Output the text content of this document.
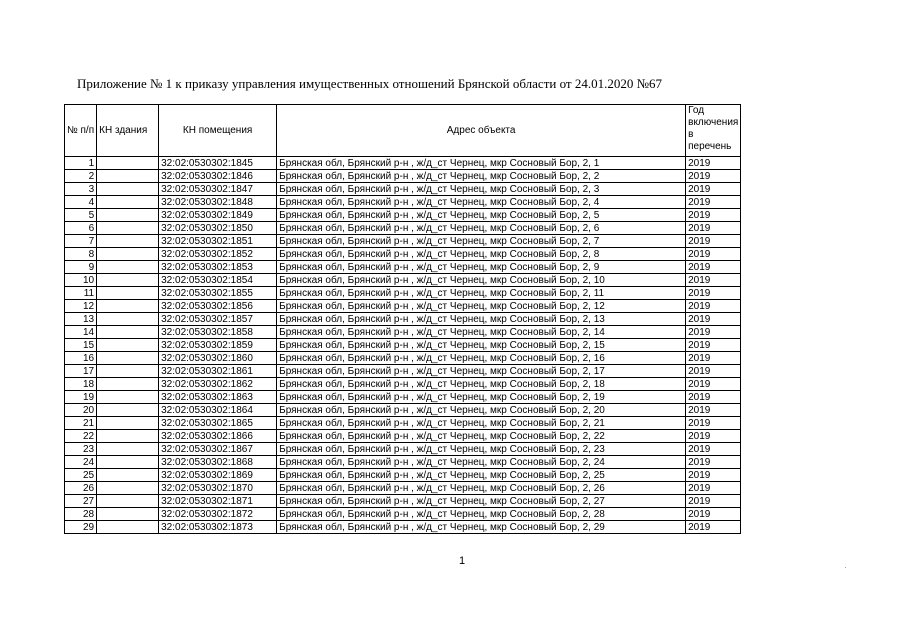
Приложение № 1 к приказу управления имущественных отношений Брянской области от 24.01.2020 №67
№ п/п	КН здания	КН помещения	Адрес объекта	Год включения в перечень
1		32:02:0530302:1845	Брянская обл, Брянский р-н , ж/д_ст Чернец, мкр Сосновый Бор, 2, 1	2019
2		32:02:0530302:1846	Брянская обл, Брянский р-н , ж/д_ст Чернец, мкр Сосновый Бор, 2, 2	2019
3		32:02:0530302:1847	Брянская обл, Брянский р-н , ж/д_ст Чернец, мкр Сосновый Бор, 2, 3	2019
4		32:02:0530302:1848	Брянская обл, Брянский р-н , ж/д_ст Чернец, мкр Сосновый Бор, 2, 4	2019
5		32:02:0530302:1849	Брянская обл, Брянский р-н , ж/д_ст Чернец, мкр Сосновый Бор, 2, 5	2019
6		32:02:0530302:1850	Брянская обл, Брянский р-н , ж/д_ст Чернец, мкр Сосновый Бор, 2, 6	2019
7		32:02:0530302:1851	Брянская обл, Брянский р-н , ж/д_ст Чернец, мкр Сосновый Бор, 2, 7	2019
8		32:02:0530302:1852	Брянская обл, Брянский р-н , ж/д_ст Чернец, мкр Сосновый Бор, 2, 8	2019
9		32:02:0530302:1853	Брянская обл, Брянский р-н , ж/д_ст Чернец, мкр Сосновый Бор, 2, 9	2019
10		32:02:0530302:1854	Брянская обл, Брянский р-н , ж/д_ст Чернец, мкр Сосновый Бор, 2, 10	2019
11		32:02:0530302:1855	Брянская обл, Брянский р-н , ж/д_ст Чернец, мкр Сосновый Бор, 2, 11	2019
12		32:02:0530302:1856	Брянская обл, Брянский р-н , ж/д_ст Чернец, мкр Сосновый Бор, 2, 12	2019
13		32:02:0530302:1857	Брянская обл, Брянский р-н , ж/д_ст Чернец, мкр Сосновый Бор, 2, 13	2019
14		32:02:0530302:1858	Брянская обл, Брянский р-н , ж/д_ст Чернец, мкр Сосновый Бор, 2, 14	2019
15		32:02:0530302:1859	Брянская обл, Брянский р-н , ж/д_ст Чернец, мкр Сосновый Бор, 2, 15	2019
16		32:02:0530302:1860	Брянская обл, Брянский р-н , ж/д_ст Чернец, мкр Сосновый Бор, 2, 16	2019
17		32:02:0530302:1861	Брянская обл, Брянский р-н , ж/д_ст Чернец, мкр Сосновый Бор, 2, 17	2019
18		32:02:0530302:1862	Брянская обл, Брянский р-н , ж/д_ст Чернец, мкр Сосновый Бор, 2, 18	2019
19		32:02:0530302:1863	Брянская обл, Брянский р-н , ж/д_ст Чернец, мкр Сосновый Бор, 2, 19	2019
20		32:02:0530302:1864	Брянская обл, Брянский р-н , ж/д_ст Чернец, мкр Сосновый Бор, 2, 20	2019
21		32:02:0530302:1865	Брянская обл, Брянский р-н , ж/д_ст Чернец, мкр Сосновый Бор, 2, 21	2019
22		32:02:0530302:1866	Брянская обл, Брянский р-н , ж/д_ст Чернец, мкр Сосновый Бор, 2, 22	2019
23		32:02:0530302:1867	Брянская обл, Брянский р-н , ж/д_ст Чернец, мкр Сосновый Бор, 2, 23	2019
24		32:02:0530302:1868	Брянская обл, Брянский р-н , ж/д_ст Чернец, мкр Сосновый Бор, 2, 24	2019
25		32:02:0530302:1869	Брянская обл, Брянский р-н , ж/д_ст Чернец, мкр Сосновый Бор, 2, 25	2019
26		32:02:0530302:1870	Брянская обл, Брянский р-н , ж/д_ст Чернец, мкр Сосновый Бор, 2, 26	2019
27		32:02:0530302:1871	Брянская обл, Брянский р-н , ж/д_ст Чернец, мкр Сосновый Бор, 2, 27	2019
28		32:02:0530302:1872	Брянская обл, Брянский р-н , ж/д_ст Чернец, мкр Сосновый Бор, 2, 28	2019
29		32:02:0530302:1873	Брянская обл, Брянский р-н , ж/д_ст Чернец, мкр Сосновый Бор, 2, 29	2019
1
